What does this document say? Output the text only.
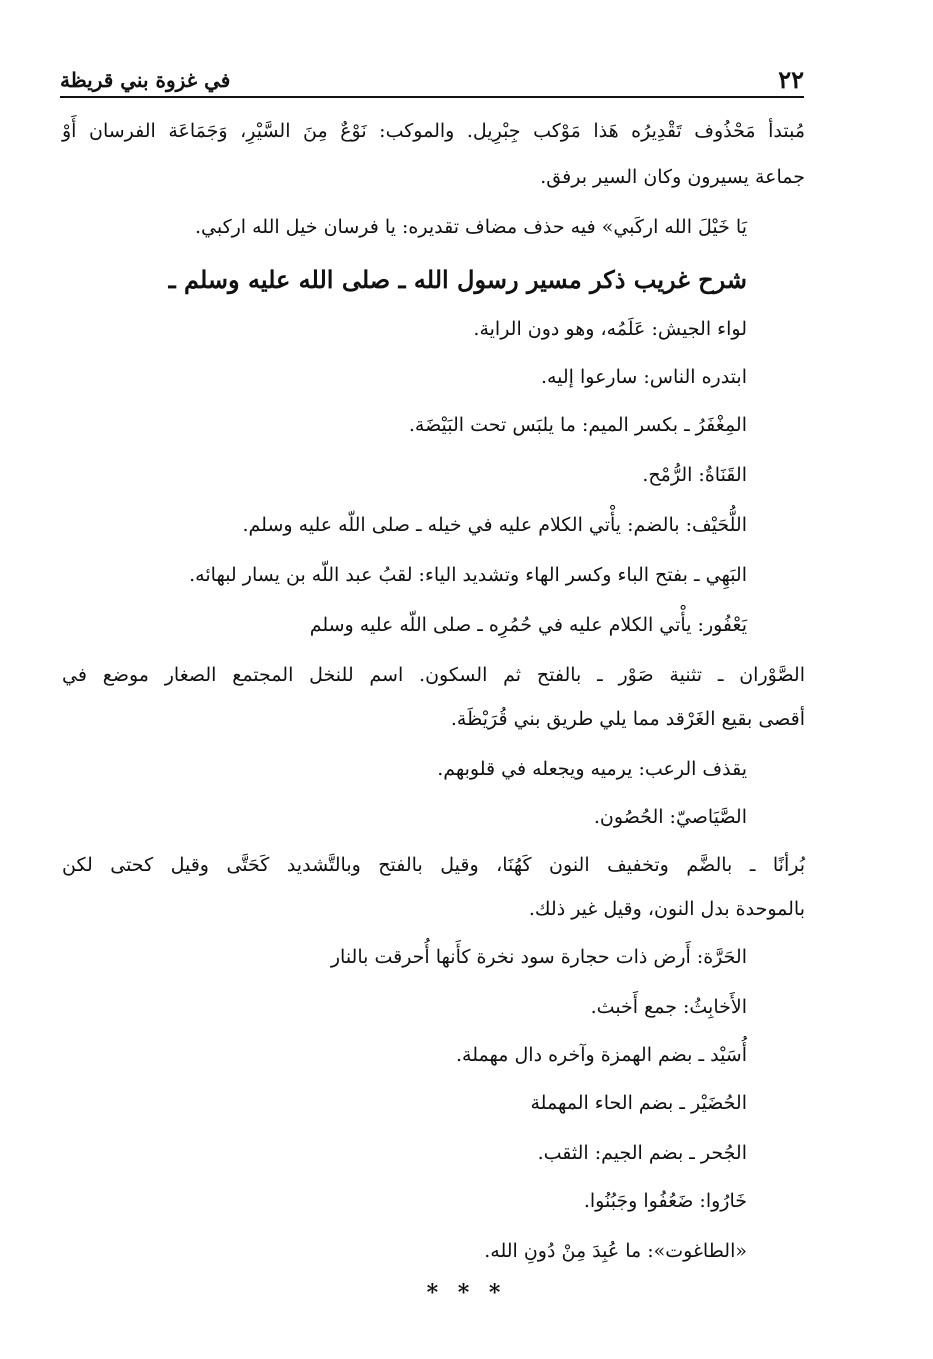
٢٢
في غزوة بني قريظة
مُبتدأ مَحْذُوف تَقْدِيرُه هَذا مَوْكب جِبْرِيل. والموكب: نَوْعٌ مِنَ السَّيْرِ، وَجَمَاعَة الفرسان أَوْ
جماعة يسيرون وكان السير برفق.
يَا خَيْلَ الله اركَبي» فيه حذف مضاف تقديره: يا فرسان خيل الله اركبي.
شرح غريب ذكر مسير رسول الله ـ صلى الله عليه وسلم ـ
لواء الجيش: عَلَمُه، وهو دون الراية.
ابتدره الناس: سارعوا إليه.
المِغْفَرُ ـ بكسر الميم: ما يلبَس تحت البَيْضَة.
القَنَاةُ: الرُّمْح.
اللُّحَيْف: بالضم: يأْتي الكلام عليه في خيله ـ صلى اللّه عليه وسلم.
البَهِي ـ بفتح الباء وكسر الهاء وتشديد الياء: لقبُ عبد اللّه بن يسار لبهائه.
يَعْفُور: يأْتي الكلام عليه في حُمُرِه ـ صلى اللّه عليه وسلم
الصَّوْران ـ تثنية صَوْر ـ بالفتح ثم السكون. اسم للنخل المجتمع الصغار موضع في
أقصى بقيع الغَرْقد مما يلي طريق بني قُرَيْظَة.
يقذف الرعب: يرميه ويجعله في قلوبهم.
الصَّيَاصيّ: الحُصُون.
بُرأنًا ـ بالضَّم وتخفيف النون كَهُنَا، وقيل بالفتح وبالتَّشديد كَحَتَّى وقيل كحتى لكن
بالموحدة بدل النون، وقيل غير ذلك.
الحَرَّة: أَرض ذات حجارة سود نخرة كأَنها أُحرقت بالنار
الأَخابِثُ: جمع أَخبث.
أُسَيْد ـ بضم الهمزة وآخره دال مهملة.
الحُضَيْر ـ بضم الحاء المهملة
الجُحر ـ بضم الجيم: الثقب.
خَارُوا: ضَعُفُوا وجَبُنُوا.
«الطاغوت»: ما عُبِدَ مِنْ دُونِ الله.
* * *
